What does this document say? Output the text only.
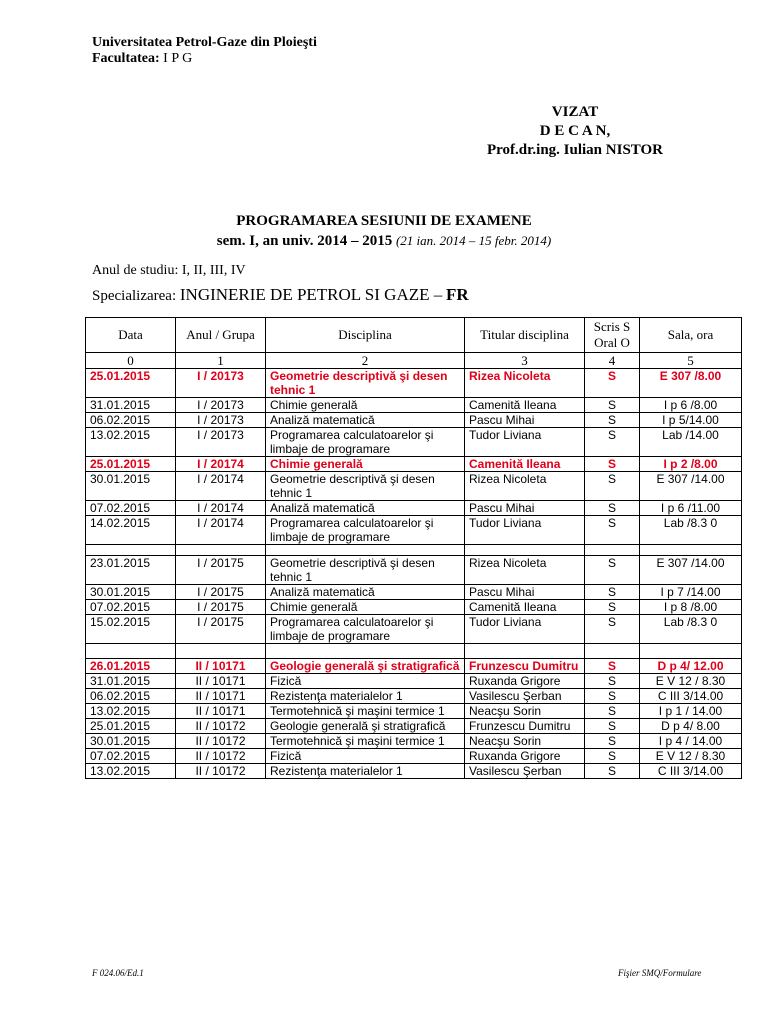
Universitatea Petrol-Gaze din Ploieşti
Facultatea: I P G
VIZAT
D E C A N,
Prof.dr.ing. Iulian NISTOR
PROGRAMAREA SESIUNII DE EXAMENE
sem. I, an univ. 2014 – 2015 (21 ian. 2014 – 15 febr. 2014)
Anul de studiu: I, II, III, IV
Specializarea: INGINERIE DE PETROL SI GAZE – FR
Data	Anul / Grupa	Disciplina	Titular disciplina	Scris S Oral O	Sala, ora
0	1	2	3	4	5
25.01.2015	I / 20173	Geometrie descriptivă şi desen tehnic 1	Rizea Nicoleta	S	E 307 /8.00
31.01.2015	I / 20173	Chimie generală	Camenită Ileana	S	I p 6 /8.00
06.02.2015	I / 20173	Analiză matematică	Pascu Mihai	S	I p 5/14.00
13.02.2015	I / 20173	Programarea calculatoarelor şi limbaje de programare	Tudor Liviana	S	Lab /14.00
25.01.2015	I / 20174	Chimie generală	Camenită Ileana	S	I p 2 /8.00
30.01.2015	I / 20174	Geometrie descriptivă şi desen tehnic 1	Rizea Nicoleta	S	E 307 /14.00
07.02.2015	I / 20174	Analiză matematică	Pascu Mihai	S	I p 6 /11.00
14.02.2015	I / 20174	Programarea calculatoarelor şi limbaje de programare	Tudor Liviana	S	Lab /8.3 0

23.01.2015	I / 20175	Geometrie descriptivă şi desen tehnic 1	Rizea Nicoleta	S	E 307 /14.00
30.01.2015	I / 20175	Analiză matematică	Pascu Mihai	S	I p 7 /14.00
07.02.2015	I / 20175	Chimie generală	Camenită Ileana	S	I p 8 /8.00
15.02.2015	I / 20175	Programarea calculatoarelor şi limbaje de programare	Tudor Liviana	S	Lab /8.3 0

26.01.2015	II / 10171	Geologie generală şi stratigrafică	Frunzescu Dumitru	S	D p 4/ 12.00
31.01.2015	II / 10171	Fizică	Ruxanda Grigore	S	E V 12 / 8.30
06.02.2015	II / 10171	Rezistenţa materialelor 1	Vasilescu Şerban	S	C III 3/14.00
13.02.2015	II / 10171	Termotehnică şi maşini termice 1	Neacşu Sorin	S	I p 1 / 14.00
25.01.2015	II / 10172	Geologie generală şi stratigrafică	Frunzescu Dumitru	S	D p 4/ 8.00
30.01.2015	II / 10172	Termotehnică şi maşini termice 1	Neacşu Sorin	S	I p 4 / 14.00
07.02.2015	II / 10172	Fizică	Ruxanda Grigore	S	E V 12 / 8.30
13.02.2015	II / 10172	Rezistenţa materialelor 1	Vasilescu Şerban	S	C III 3/14.00
F 024.06/Ed.1	Fişier SMQ/Formulare
